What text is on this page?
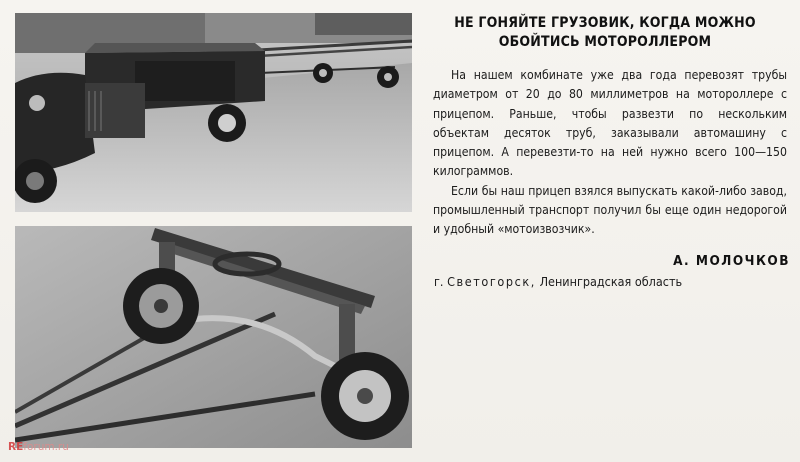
НЕ ГОНЯЙТЕ ГРУЗОВИК, КОГДА МОЖНО
ОБОЙТИСЬ МОТОРОЛЛЕРОМ

На нашем комбинате уже два года перевозят трубы диаметром от 20 до 80 миллиметров на мотороллере с прицепом. Раньше, чтобы развезти по нескольким объектам десяток труб, заказывали автомашину с прицепом. А перевезти-то на ней нужно всего 100—150 килограммов.

Если бы наш прицеп взялся выпускать какой-либо завод, промышленный транспорт получил бы еще один недорогой и удобный «мотоизвозчик».

А. МОЛОЧКОВ
г. Светогорск, Ленинградская область
REforum.ru
